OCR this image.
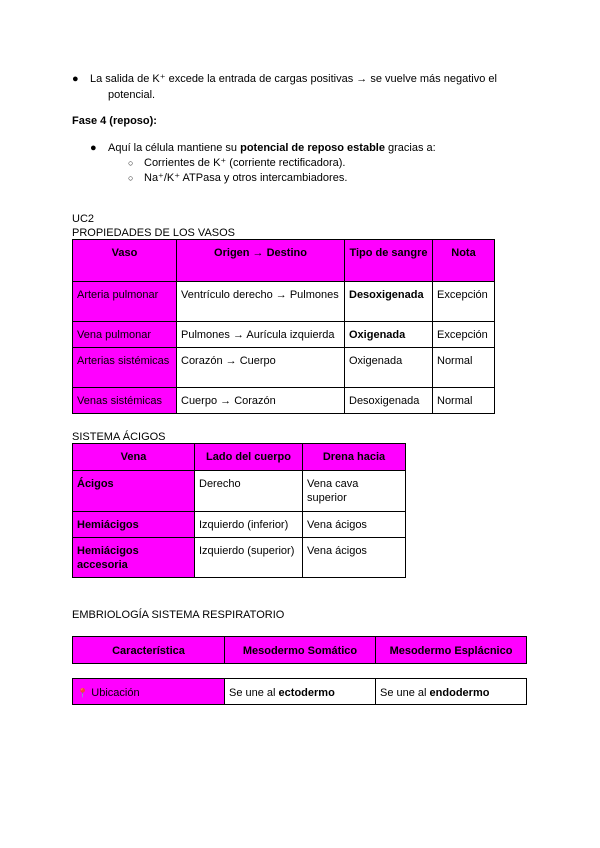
● La salida de K⁺ excede la entrada de cargas positivas → se vuelve más negativo el
potencial.
Fase 4 (reposo):
● Aquí la célula mantiene su potencial de reposo estable gracias a:
○ Corrientes de K⁺ (corriente rectificadora).
○ Na⁺/K⁺ ATPasa y otros intercambiadores.
UC2
PROPIEDADES DE LOS VASOS
Vaso	Origen → Destino	Tipo de sangre	Nota
Arteria pulmonar	Ventrículo derecho → Pulmones	Desoxigenada	Excepción
Vena pulmonar	Pulmones → Aurícula izquierda	Oxigenada	Excepción
Arterias sistémicas	Corazón → Cuerpo	Oxigenada	Normal
Venas sistémicas	Cuerpo → Corazón	Desoxigenada	Normal
SISTEMA ÁCIGOS
Vena	Lado del cuerpo	Drena hacia
Ácigos	Derecho	Vena cava superior
Hemiácigos	Izquierdo (inferior)	Vena ácigos
Hemiácigos accesoria	Izquierdo (superior)	Vena ácigos
EMBRIOLOGÍA SISTEMA RESPIRATORIO
Característica	Mesodermo Somático	Mesodermo Esplácnico
📍 Ubicación	Se une al ectodermo	Se une al endodermo
